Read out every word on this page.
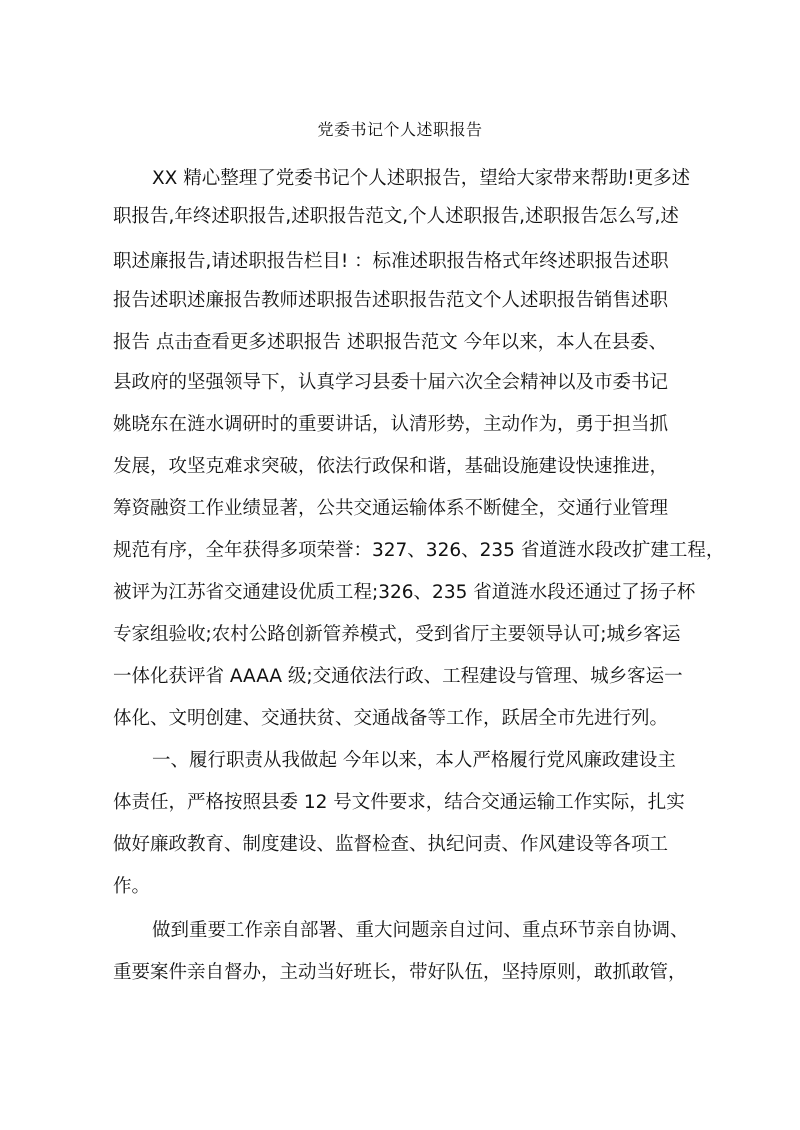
党委书记个人述职报告
XX 精心整理了党委书记个人述职报告，望给大家带来帮助!更多述
职报告,年终述职报告,述职报告范文,个人述职报告,述职报告怎么写,述
职述廉报告,请述职报告栏目! ：标准述职报告格式年终述职报告述职
报告述职述廉报告教师述职报告述职报告范文个人述职报告销售述职
报告 点击查看更多述职报告 述职报告范文 今年以来，本人在县委、
县政府的坚强领导下，认真学习县委十届六次全会精神以及市委书记
姚晓东在涟水调研时的重要讲话，认清形势，主动作为，勇于担当抓
发展，攻坚克难求突破，依法行政保和谐，基础设施建设快速推进，
筹资融资工作业绩显著，公共交通运输体系不断健全，交通行业管理
规范有序，全年获得多项荣誉：327、326、235 省道涟水段改扩建工程，
被评为江苏省交通建设优质工程;326、235 省道涟水段还通过了扬子杯
专家组验收;农村公路创新管养模式，受到省厅主要领导认可;城乡客运
一体化获评省 AAAA 级;交通依法行政、工程建设与管理、城乡客运一
体化、文明创建、交通扶贫、交通战备等工作，跃居全市先进行列。
一、履行职责从我做起 今年以来，本人严格履行党风廉政建设主
体责任，严格按照县委 12 号文件要求，结合交通运输工作实际，扎实
做好廉政教育、制度建设、监督检查、执纪问责、作风建设等各项工
作。
做到重要工作亲自部署、重大问题亲自过问、重点环节亲自协调、
重要案件亲自督办，主动当好班长，带好队伍，坚持原则，敢抓敢管，
